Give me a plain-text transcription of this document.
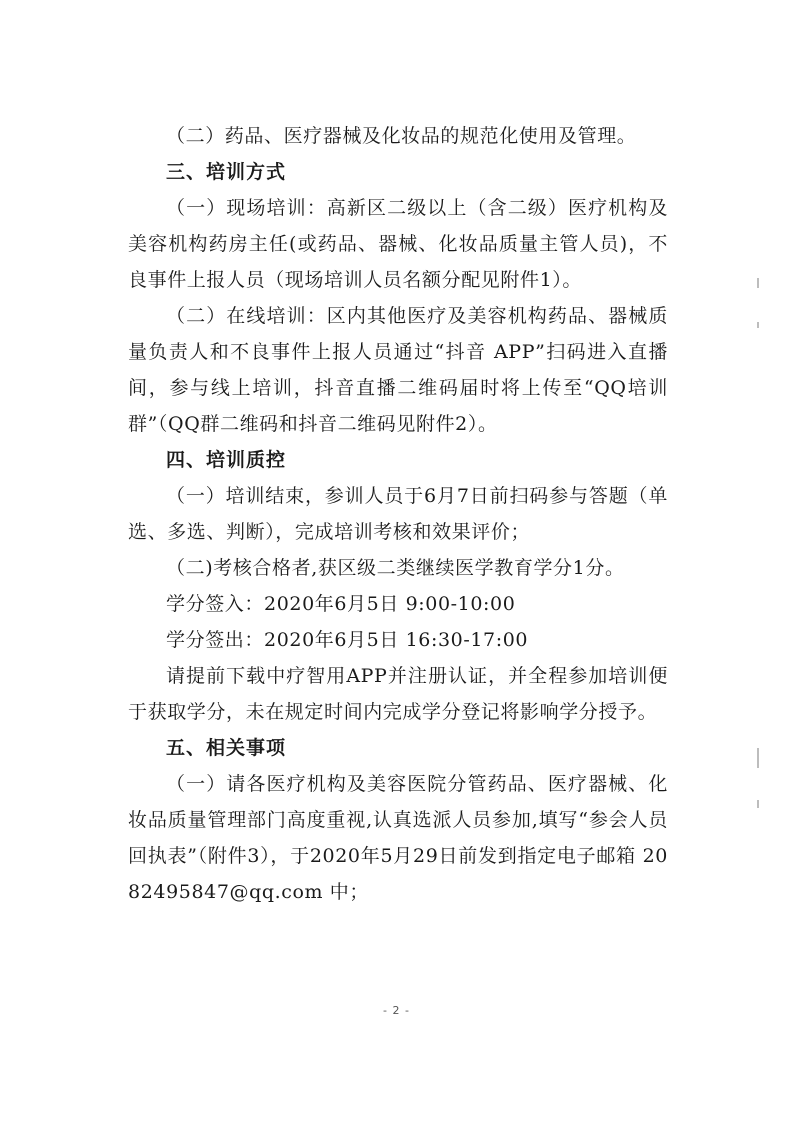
（二）药品、医疗器械及化妆品的规范化使用及管理。

三、培训方式

（一）现场培训：高新区二级以上（含二级）医疗机构及美容机构药房主任(或药品、器械、化妆品质量主管人员)，不良事件上报人员（现场培训人员名额分配见附件1）。

（二）在线培训：区内其他医疗及美容机构药品、器械质量负责人和不良事件上报人员通过“抖音 APP”扫码进入直播间，参与线上培训，抖音直播二维码届时将上传至“QQ培训群”（QQ群二维码和抖音二维码见附件2）。

四、培训质控

（一）培训结束，参训人员于6月7日前扫码参与答题（单选、多选、判断），完成培训考核和效果评价；

（二)考核合格者,获区级二类继续医学教育学分1分。

学分签入：2020年6月5日 9:00-10:00

学分签出：2020年6月5日 16:30-17:00

请提前下载中疗智用APP并注册认证，并全程参加培训便于获取学分，未在规定时间内完成学分登记将影响学分授予。

五、相关事项

（一）请各医疗机构及美容医院分管药品、医疗器械、化妆品质量管理部门高度重视,认真选派人员参加,填写“参会人员回执表”（附件3），于2020年5月29日前发到指定电子邮箱 2082495847@qq.com 中；

- 2 -
